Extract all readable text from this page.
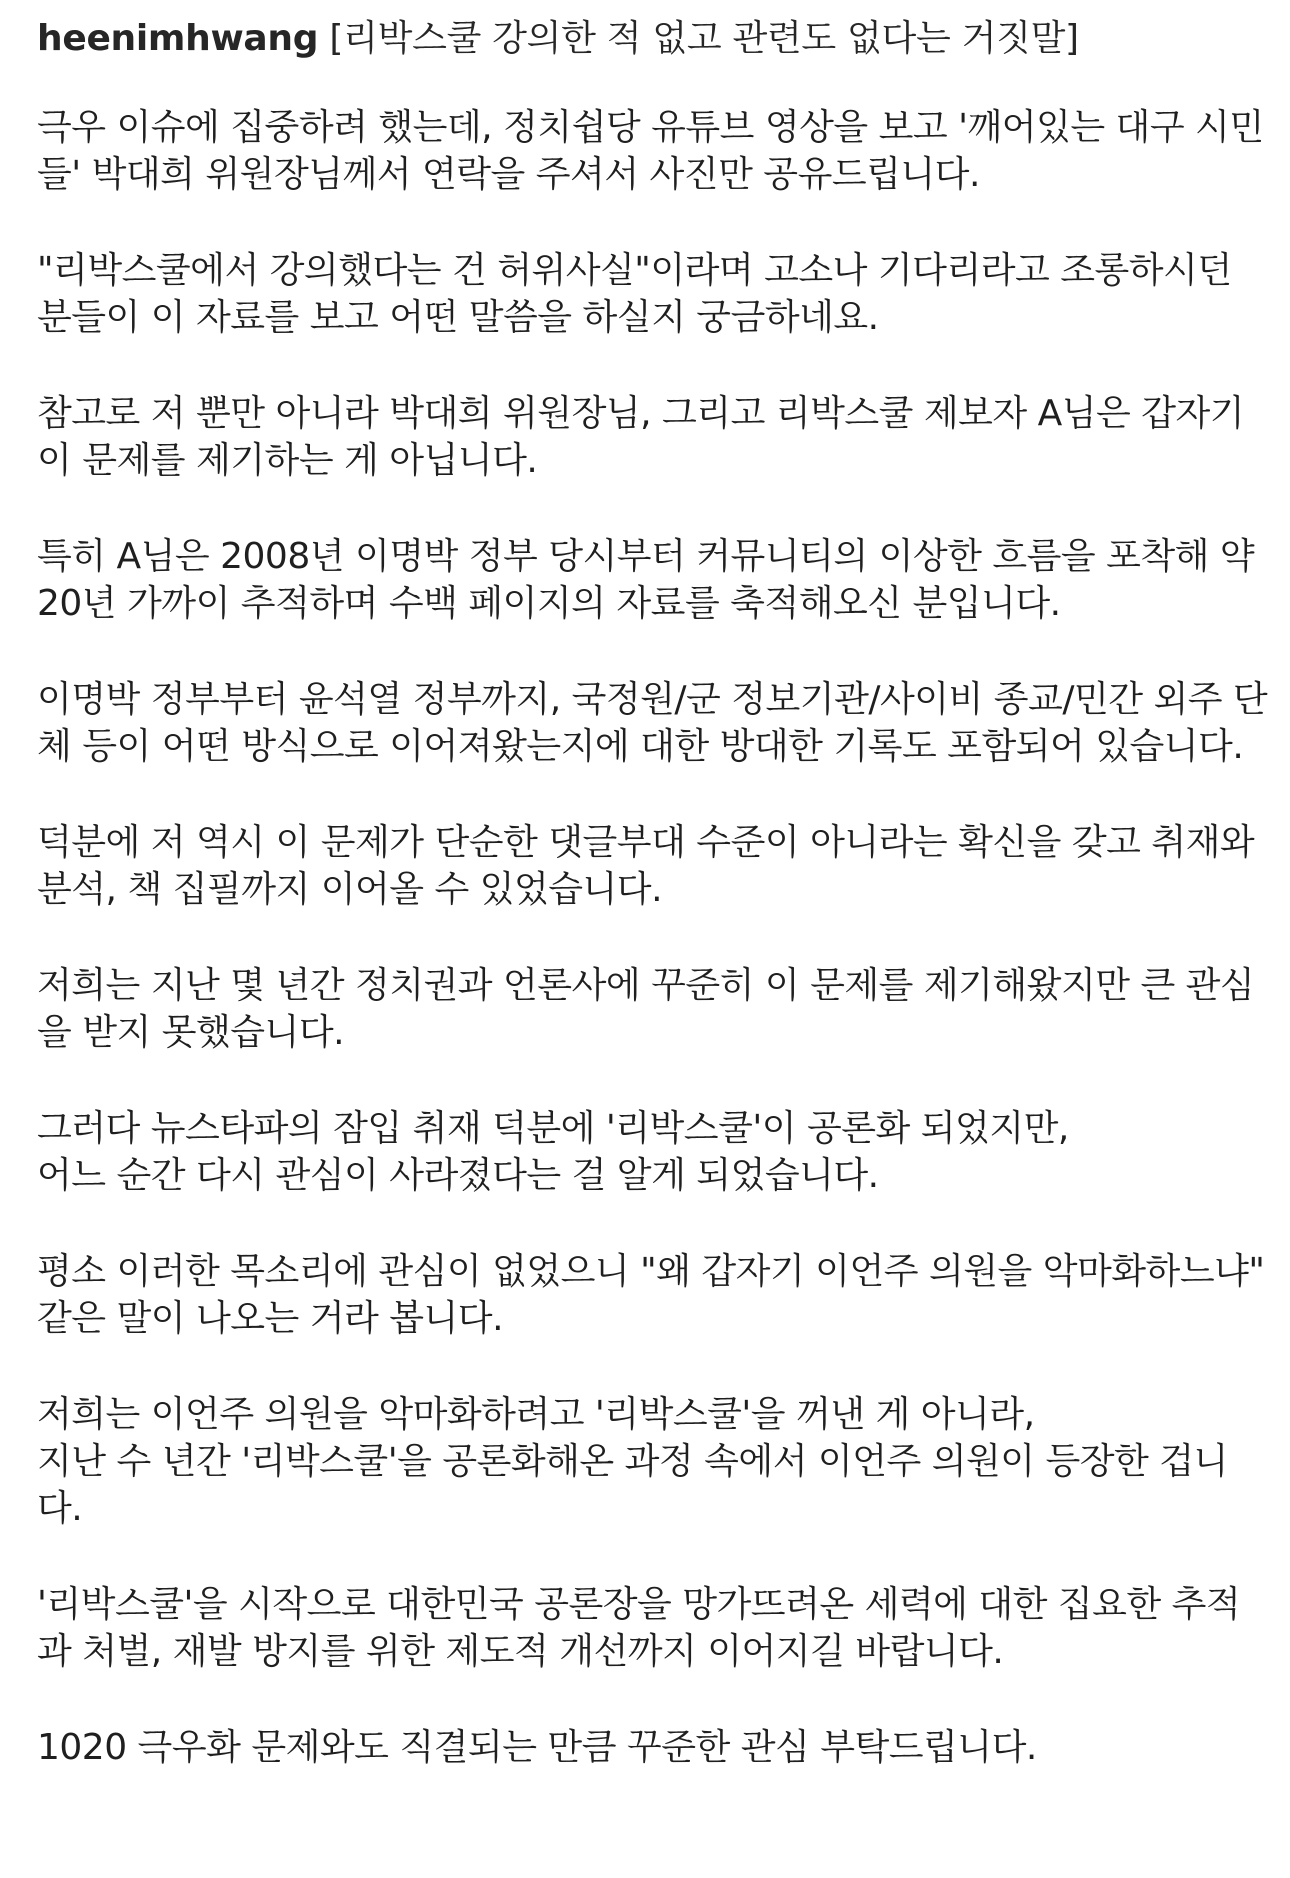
heenimhwang [리박스쿨 강의한 적 없고 관련도 없다는 거짓말]
극우 이슈에 집중하려 했는데, 정치쉽당 유튜브 영상을 보고 '깨어있는 대구 시민
들' 박대희 위원장님께서 연락을 주셔서 사진만 공유드립니다.
"리박스쿨에서 강의했다는 건 허위사실"이라며 고소나 기다리라고 조롱하시던
분들이 이 자료를 보고 어떤 말씀을 하실지 궁금하네요.
참고로 저 뿐만 아니라 박대희 위원장님, 그리고 리박스쿨 제보자 A님은 갑자기
이 문제를 제기하는 게 아닙니다.
특히 A님은 2008년 이명박 정부 당시부터 커뮤니티의 이상한 흐름을 포착해 약
20년 가까이 추적하며 수백 페이지의 자료를 축적해오신 분입니다.
이명박 정부부터 윤석열 정부까지, 국정원/군 정보기관/사이비 종교/민간 외주 단
체 등이 어떤 방식으로 이어져왔는지에 대한 방대한 기록도 포함되어 있습니다.
덕분에 저 역시 이 문제가 단순한 댓글부대 수준이 아니라는 확신을 갖고 취재와
분석, 책 집필까지 이어올 수 있었습니다.
저희는 지난 몇 년간 정치권과 언론사에 꾸준히 이 문제를 제기해왔지만 큰 관심
을 받지 못했습니다.
그러다 뉴스타파의 잠입 취재 덕분에 '리박스쿨'이 공론화 되었지만,
어느 순간 다시 관심이 사라졌다는 걸 알게 되었습니다.
평소 이러한 목소리에 관심이 없었으니 "왜 갑자기 이언주 의원을 악마화하느냐"
같은 말이 나오는 거라 봅니다.
저희는 이언주 의원을 악마화하려고 '리박스쿨'을 꺼낸 게 아니라,
지난 수 년간 '리박스쿨'을 공론화해온 과정 속에서 이언주 의원이 등장한 겁니
다.
'리박스쿨'을 시작으로 대한민국 공론장을 망가뜨려온 세력에 대한 집요한 추적
과 처벌, 재발 방지를 위한 제도적 개선까지 이어지길 바랍니다.
1020 극우화 문제와도 직결되는 만큼 꾸준한 관심 부탁드립니다.
